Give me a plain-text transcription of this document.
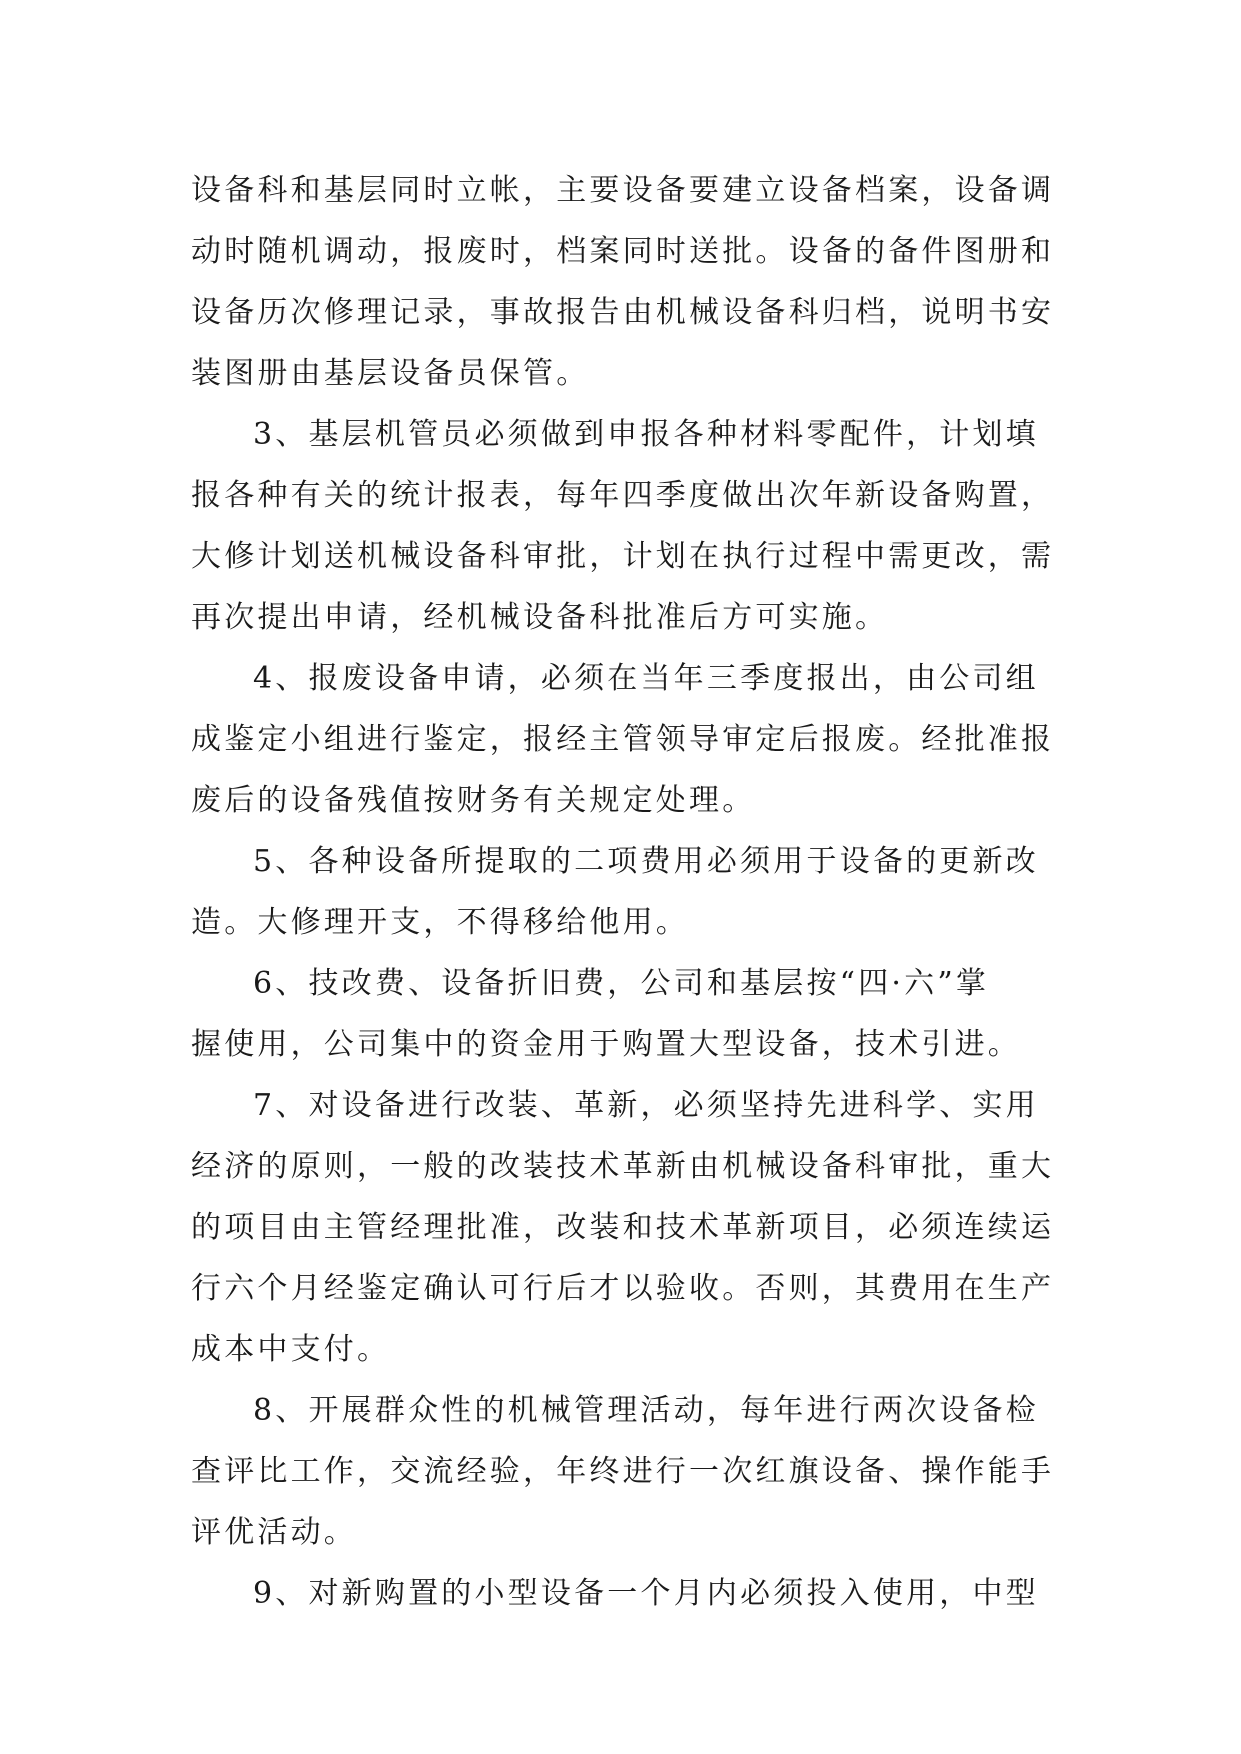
设备科和基层同时立帐，主要设备要建立设备档案，设备调
动时随机调动，报废时，档案同时送批。设备的备件图册和
设备历次修理记录，事故报告由机械设备科归档，说明书安
装图册由基层设备员保管。
3、基层机管员必须做到申报各种材料零配件，计划填
报各种有关的统计报表，每年四季度做出次年新设备购置，
大修计划送机械设备科审批，计划在执行过程中需更改，需
再次提出申请，经机械设备科批准后方可实施。
4、报废设备申请，必须在当年三季度报出，由公司组
成鉴定小组进行鉴定，报经主管领导审定后报废。经批准报
废后的设备残值按财务有关规定处理。
5、各种设备所提取的二项费用必须用于设备的更新改
造。大修理开支，不得移给他用。
6、技改费、设备折旧费，公司和基层按“四·六”掌
握使用，公司集中的资金用于购置大型设备，技术引进。
7、对设备进行改装、革新，必须坚持先进科学、实用
经济的原则，一般的改装技术革新由机械设备科审批，重大
的项目由主管经理批准，改装和技术革新项目，必须连续运
行六个月经鉴定确认可行后才以验收。否则，其费用在生产
成本中支付。
8、开展群众性的机械管理活动，每年进行两次设备检
查评比工作，交流经验，年终进行一次红旗设备、操作能手
评优活动。
9、对新购置的小型设备一个月内必须投入使用，中型
